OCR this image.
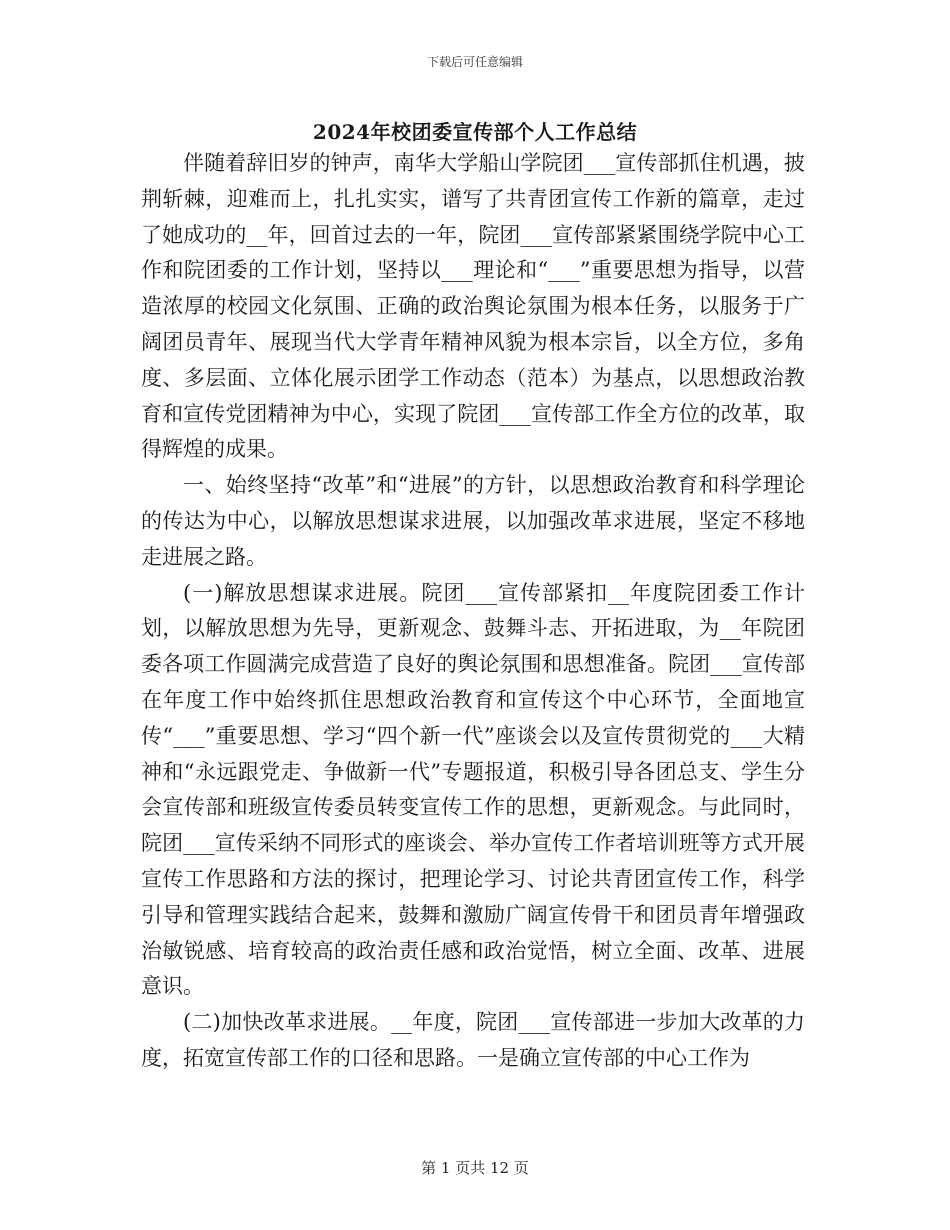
下载后可任意编辑
2024年校团委宣传部个人工作总结

伴随着辞旧岁的钟声，南华大学船山学院团___宣传部抓住机遇，披荆斩棘，迎难而上，扎扎实实，谱写了共青团宣传工作新的篇章，走过了她成功的__年，回首过去的一年，院团___宣传部紧紧围绕学院中心工作和院团委的工作计划，坚持以___理论和“___”重要思想为指导，以营造浓厚的校园文化氛围、正确的政治舆论氛围为根本任务，以服务于广阔团员青年、展现当代大学青年精神风貌为根本宗旨，以全方位，多角度、多层面、立体化展示团学工作动态（范本）为基点，以思想政治教育和宣传党团精神为中心，实现了院团___宣传部工作全方位的改革，取得辉煌的成果。

一、始终坚持“改革”和“进展”的方针，以思想政治教育和科学理论的传达为中心，以解放思想谋求进展，以加强改革求进展，坚定不移地走进展之路。

(一)解放思想谋求进展。院团___宣传部紧扣__年度院团委工作计划，以解放思想为先导，更新观念、鼓舞斗志、开拓进取，为__年院团委各项工作圆满完成营造了良好的舆论氛围和思想准备。院团___宣传部在年度工作中始终抓住思想政治教育和宣传这个中心环节，全面地宣传“___”重要思想、学习“四个新一代”座谈会以及宣传贯彻党的___大精神和“永远跟党走、争做新一代”专题报道，积极引导各团总支、学生分会宣传部和班级宣传委员转变宣传工作的思想，更新观念。与此同时，院团___宣传采纳不同形式的座谈会、举办宣传工作者培训班等方式开展宣传工作思路和方法的探讨，把理论学习、讨论共青团宣传工作，科学引导和管理实践结合起来，鼓舞和激励广阔宣传骨干和团员青年增强政治敏锐感、培育较高的政治责任感和政治觉悟，树立全面、改革、进展意识。

(二)加快改革求进展。__年度，院团___宣传部进一步加大改革的力度，拓宽宣传部工作的口径和思路。一是确立宣传部的中心工作为

第 1 页共 12 页
